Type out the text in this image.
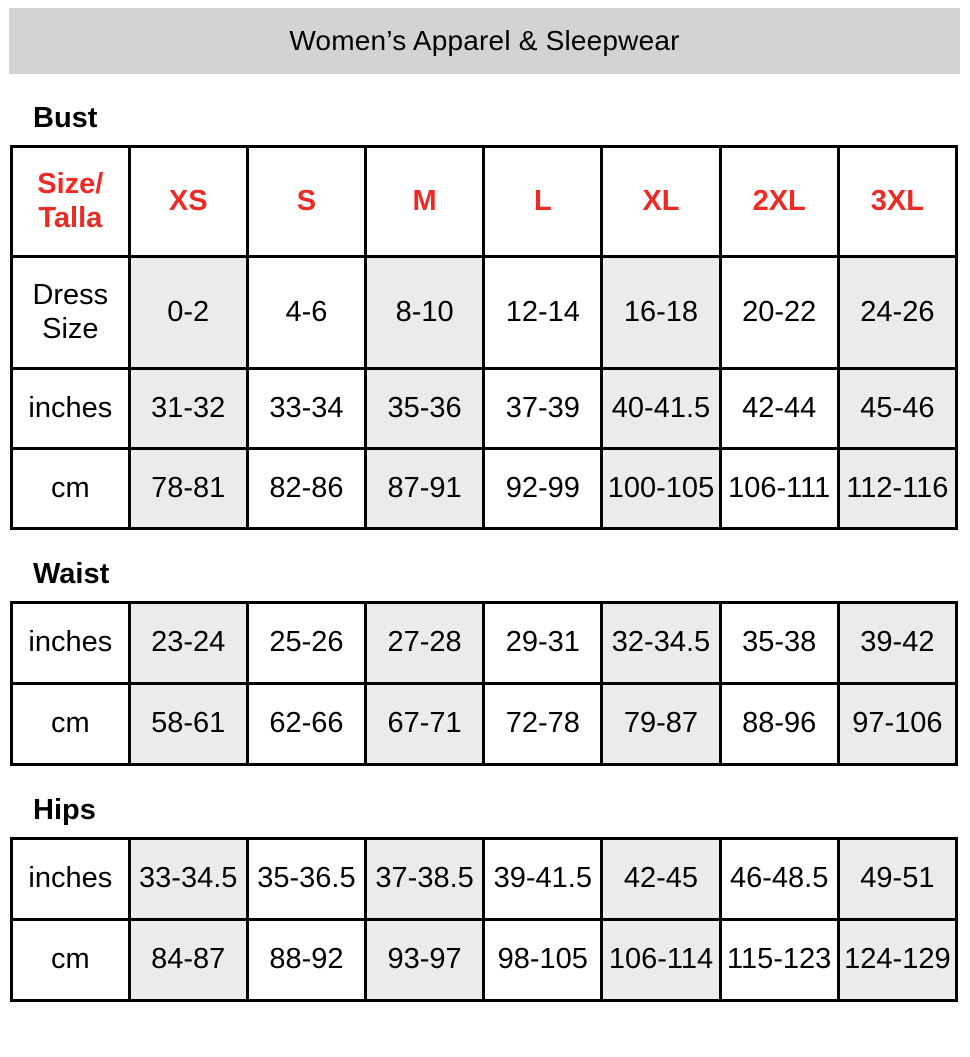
Women’s Apparel & Sleepwear
Bust
Size/
Talla	XS	S	M	L	XL	2XL	3XL

Dress
Size	0-2	4-6	8-10	12-14	16-18	20-22	24-26
inches	31-32	33-34	35-36	37-39	40-41.5	42-44	45-46
cm	78-81	82-86	87-91	92-99	100-105	106-111	112-116
Waist
inches	23-24	25-26	27-28	29-31	32-34.5	35-38	39-42
cm	58-61	62-66	67-71	72-78	79-87	88-96	97-106
Hips
inches	33-34.5	35-36.5	37-38.5	39-41.5	42-45	46-48.5	49-51
cm	84-87	88-92	93-97	98-105	106-114	115-123	124-129
